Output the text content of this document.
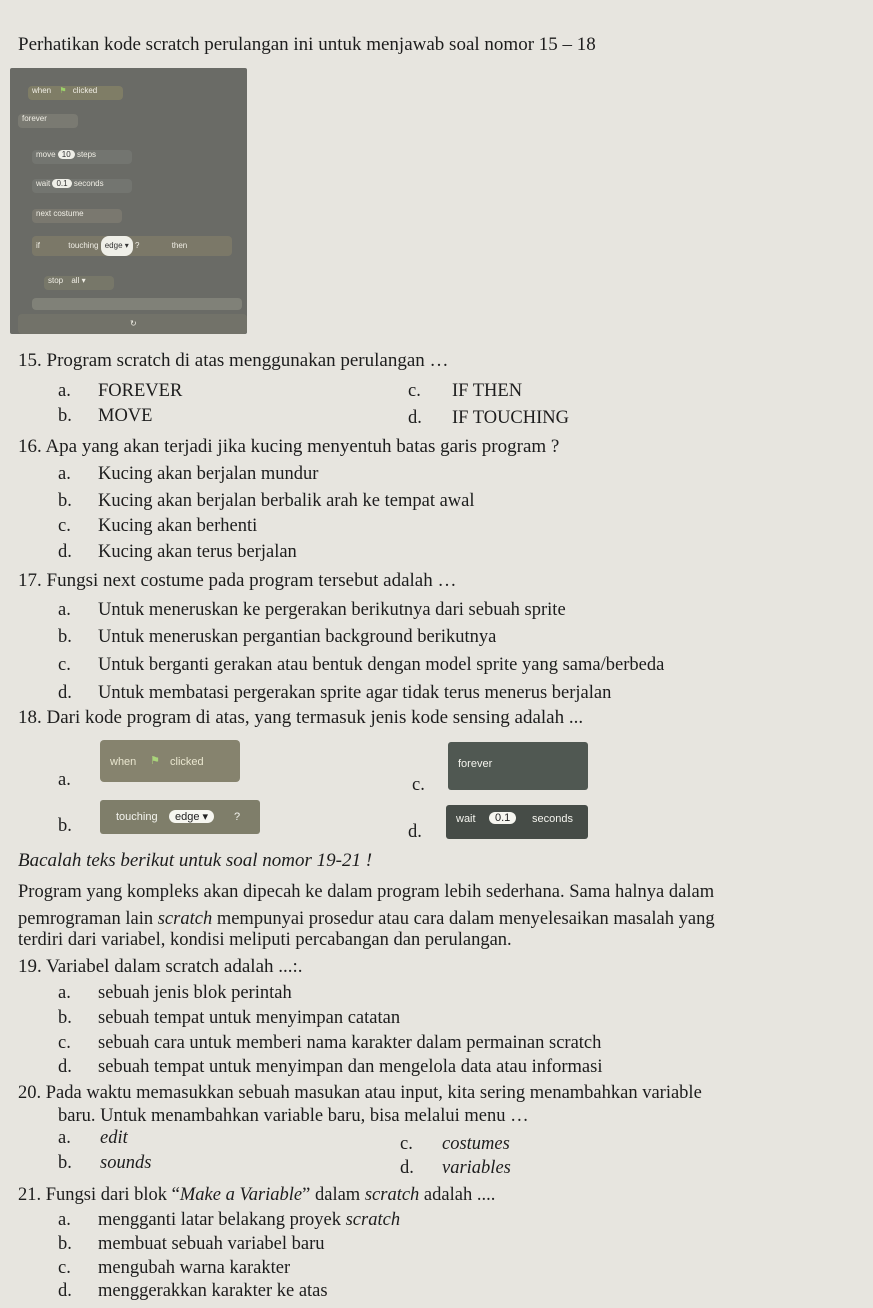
Perhatikan kode scratch perulangan ini untuk menjawab soal nomor 15 – 18
when ⚑ clicked
forever
move 10 steps
wait 0.1 seconds
next costume
if	touching edge ▾ ?	then
stop all ▾
↻
15. Program scratch di atas menggunakan perulangan …
a. FOREVER
b. MOVE
c. IF THEN
d. IF TOUCHING
16. Apa yang akan terjadi jika kucing menyentuh batas garis program ?
a. Kucing akan berjalan mundur
b. Kucing akan berjalan berbalik arah ke tempat awal
c. Kucing akan berhenti
d. Kucing akan terus berjalan
17. Fungsi next costume pada program tersebut adalah …
a. Untuk meneruskan ke pergerakan berikutnya dari sebuah sprite
b. Untuk meneruskan pergantian background berikutnya
c. Untuk berganti gerakan atau bentuk dengan model sprite yang sama/berbeda
d. Untuk membatasi pergerakan sprite agar tidak terus menerus berjalan
18. Dari kode program di atas, yang termasuk jenis kode sensing adalah ...
a.
when ⚑ clicked
c.
forever
b.	touching	edge ▾	?
d.
wait	0.1	seconds
Bacalah teks berikut untuk soal nomor 19-21 !
Program yang kompleks akan dipecah ke dalam program lebih sederhana. Sama halnya dalam
pemrograman lain scratch mempunyai prosedur atau cara dalam menyelesaikan masalah yang
terdiri dari variabel, kondisi meliputi percabangan dan perulangan.
19. Variabel dalam scratch adalah ...:.
a. sebuah jenis blok perintah
b. sebuah tempat untuk menyimpan catatan
c. sebuah cara untuk memberi nama karakter dalam permainan scratch
d. sebuah tempat untuk menyimpan dan mengelola data atau informasi
20. Pada waktu memasukkan sebuah masukan atau input, kita sering menambahkan variable
baru. Untuk menambahkan variable baru, bisa melalui menu …
a. edit
b. sounds
c. costumes
d. variables
21. Fungsi dari blok “Make a Variable” dalam scratch adalah ....
a. mengganti latar belakang proyek scratch
b. membuat sebuah variabel baru
c. mengubah warna karakter
d. menggerakkan karakter ke atas
